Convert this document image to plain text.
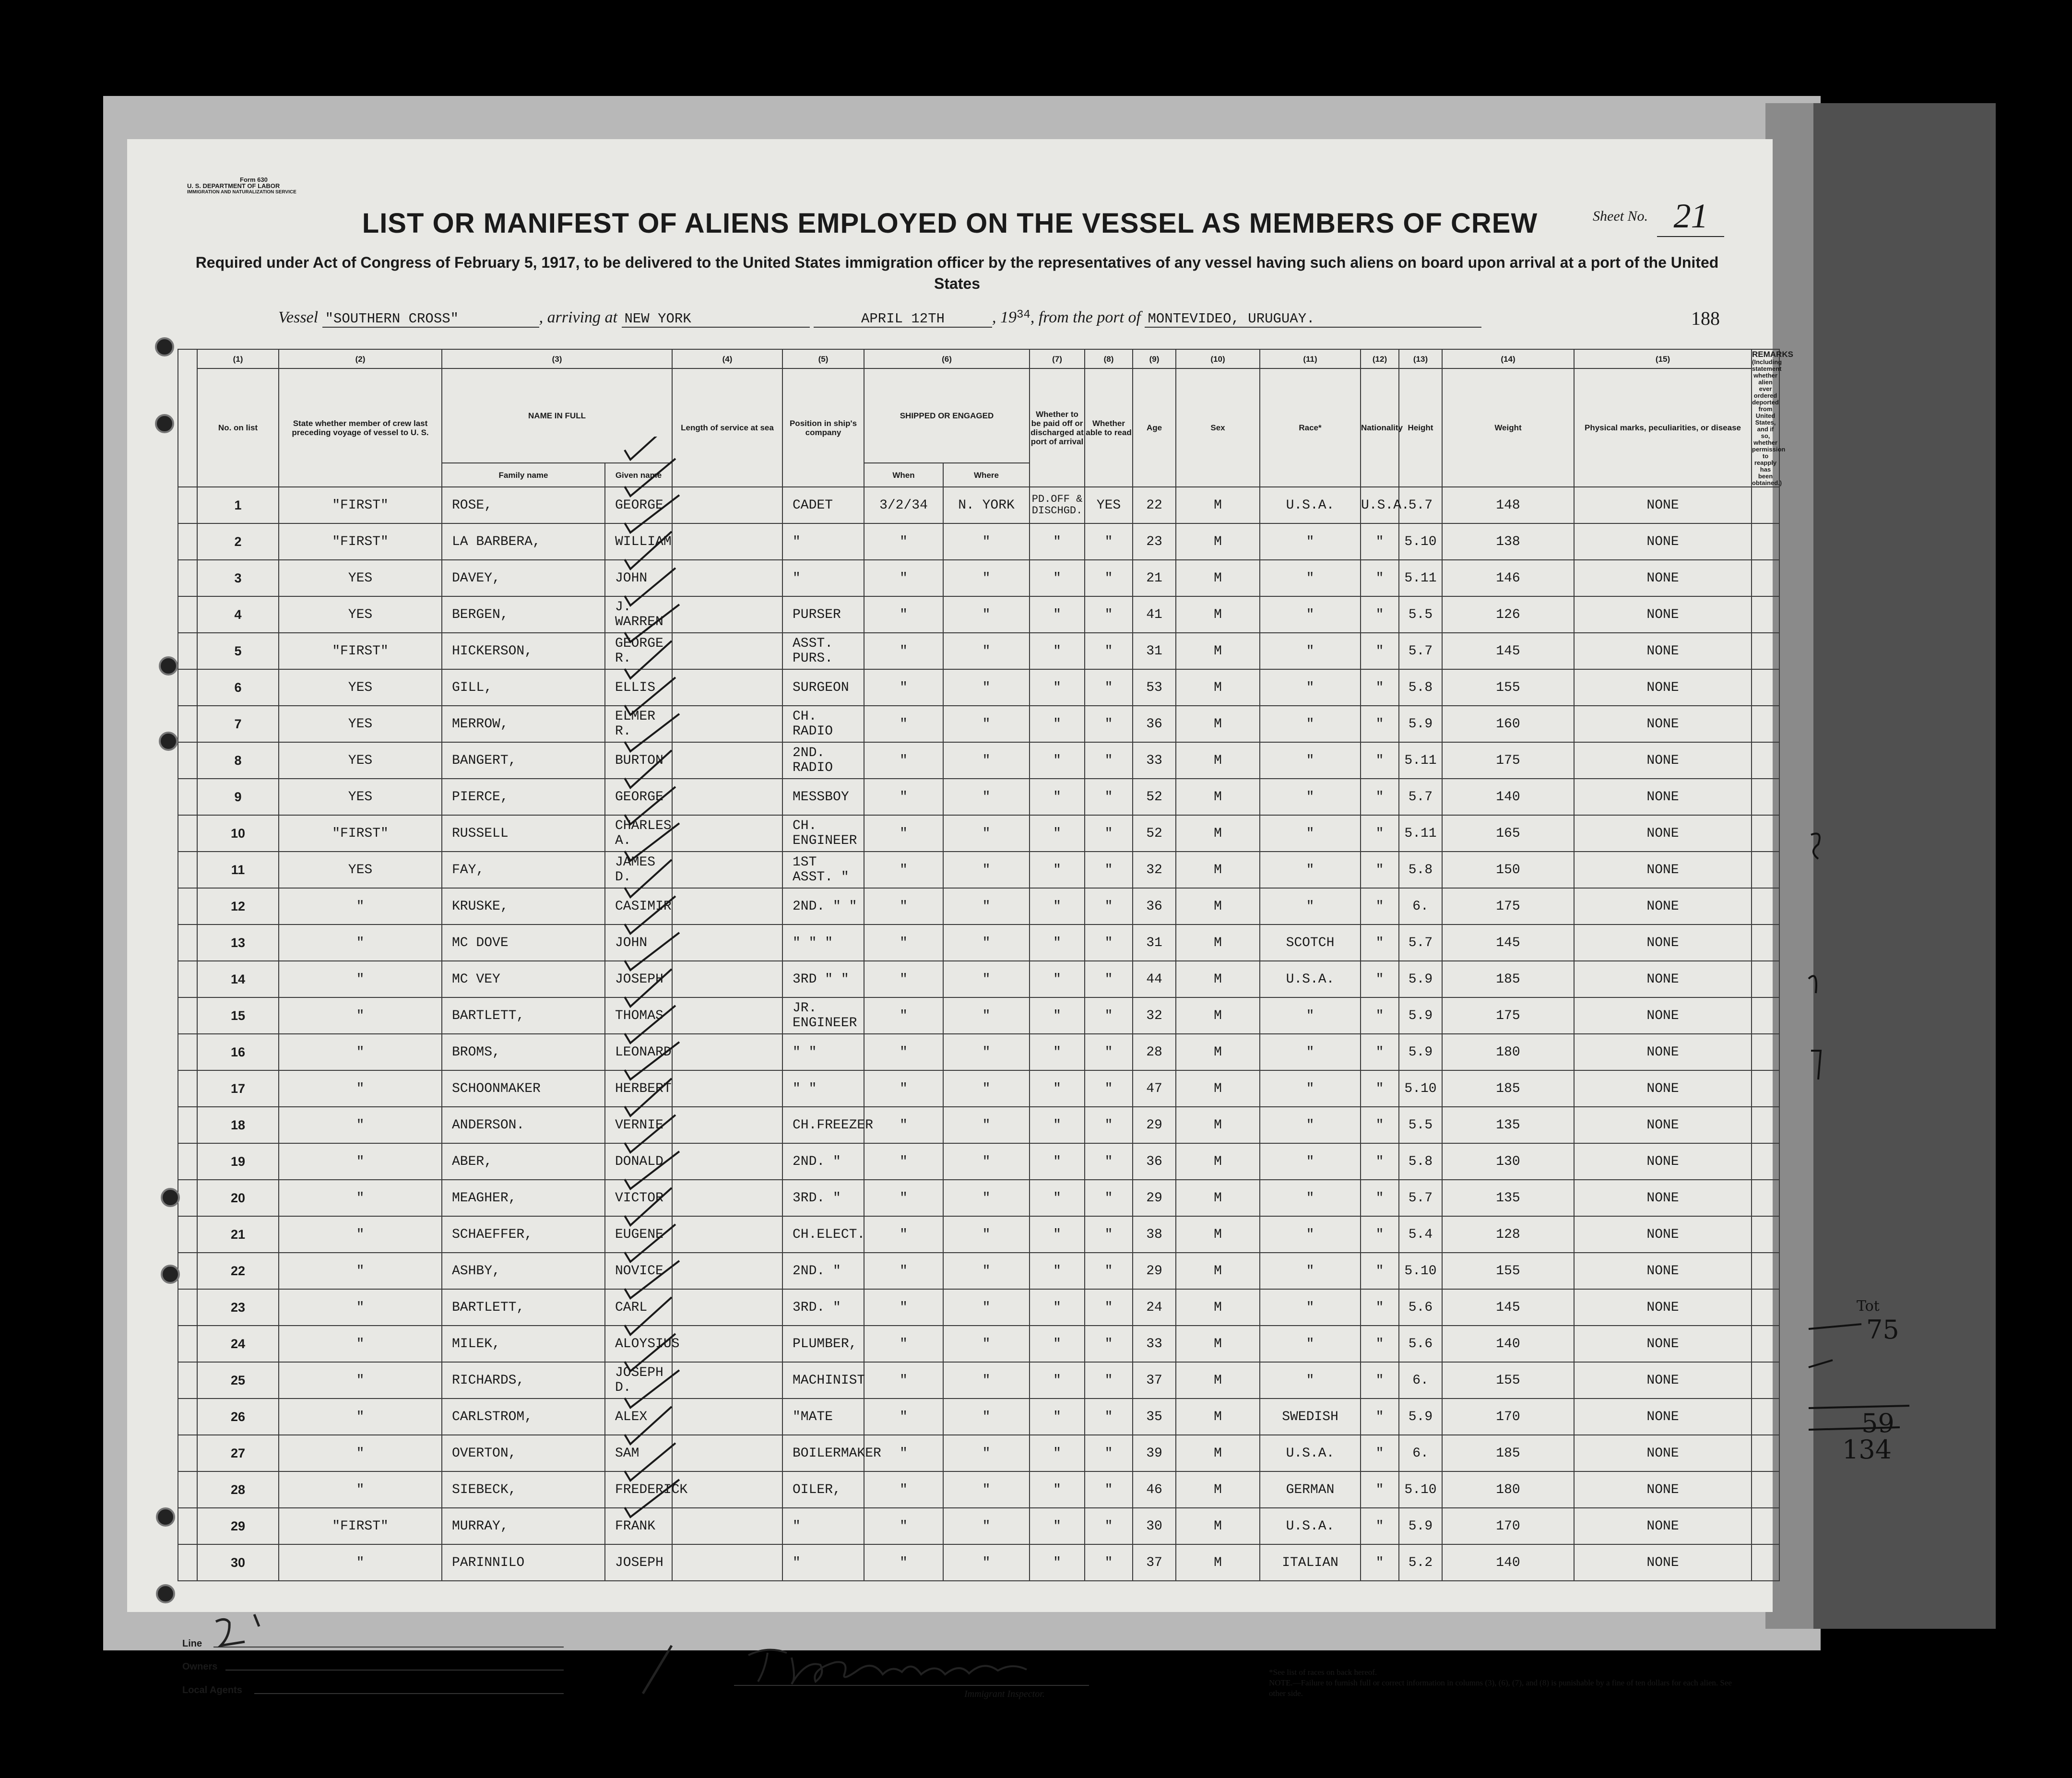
Form 630
U. S. DEPARTMENT OF LABOR
IMMIGRATION AND NATURALIZATION SERVICE
LIST OR MANIFEST OF ALIENS EMPLOYED ON THE VESSEL AS MEMBERS OF CREW	Sheet No. 21
Required under Act of Congress of February 5, 1917, to be delivered to the United States immigration officer by the representatives of any vessel having such aliens on board upon arrival at a port of the United States
Vessel "SOUTHERN CROSS"	, arriving at NEW YORK	APRIL 12TH	, $19^{34}$, from the port of MONTEVIDEO, URUGUAY.	188
	(1)	(2)	(3)		(4)	(5)	(6)		(7)	(8)	(9)	(10)	(11)	(12)	(13)	(14)	(15)	REMARKS
(Including statement whether alien ever ordered deported from United States, and if so, whether permission to reapply has been obtained.)

	No. on list	State whether member of crew last preceding voyage of vessel to U. S.	NAME IN FULL		Length of service at sea	Position in ship's company	SHIPPED OR ENGAGED		Whether to be paid off or discharged at port of arrival	Whether able to read	Age	Sex	Race*	Nationality	Height	Weight	Physical marks, peculiarities, or disease	
			Family name	Given name			When	Where										
	1	"FIRST"	ROSE,	GEORGE		CADET	3/2/34	N. YORK	PD.OFF & DISCHGD.	YES	22	M	U.S.A.	U.S.A.	5.7	148	NONE	
	2	"FIRST"	LA BARBERA,	WILLIAM		"	"	"	"	"	23	M	"	"	5.10	138	NONE	
	3	YES	DAVEY,	JOHN		"	"	"	"	"	21	M	"	"	5.11	146	NONE	
	4	YES	BERGEN,	J. WARREN		PURSER	"	"	"	"	41	M	"	"	5.5	126	NONE	
	5	"FIRST"	HICKERSON,	GEORGE R.		ASST. PURS.	"	"	"	"	31	M	"	"	5.7	145	NONE	
	6	YES	GILL,	ELLIS		SURGEON	"	"	"	"	53	M	"	"	5.8	155	NONE	
	7	YES	MERROW,	ELMER R.		CH. RADIO	"	"	"	"	36	M	"	"	5.9	160	NONE	
	8	YES	BANGERT,	BURTON		2ND. RADIO	"	"	"	"	33	M	"	"	5.11	175	NONE	
	9	YES	PIERCE,	GEORGE		MESSBOY	"	"	"	"	52	M	"	"	5.7	140	NONE	
	10	"FIRST"	RUSSELL	CHARLES A.		CH. ENGINEER	"	"	"	"	52	M	"	"	5.11	165	NONE	
	11	YES	FAY,	JAMES D.		1ST ASST. "	"	"	"	"	32	M	"	"	5.8	150	NONE	
	12	"	KRUSKE,	CASIMIR		2ND. " "	"	"	"	"	36	M	"	"	6.	175	NONE	
	13	"	MC DOVE	JOHN		" " "	"	"	"	"	31	M	SCOTCH	"	5.7	145	NONE	
	14	"	MC VEY	JOSEPH		3RD " "	"	"	"	"	44	M	U.S.A.	"	5.9	185	NONE	
	15	"	BARTLETT,	THOMAS		JR. ENGINEER	"	"	"	"	32	M	"	"	5.9	175	NONE	
	16	"	BROMS,	LEONARD		" "	"	"	"	"	28	M	"	"	5.9	180	NONE	
	17	"	SCHOONMAKER	HERBERT		" "	"	"	"	"	47	M	"	"	5.10	185	NONE	
	18	"	ANDERSON.	VERNIE		CH.FREEZER	"	"	"	"	29	M	"	"	5.5	135	NONE	
	19	"	ABER,	DONALD		2ND. "	"	"	"	"	36	M	"	"	5.8	130	NONE	
	20	"	MEAGHER,	VICTOR		3RD. "	"	"	"	"	29	M	"	"	5.7	135	NONE	
	21	"	SCHAEFFER,	EUGENE		CH.ELECT.	"	"	"	"	38	M	"	"	5.4	128	NONE	
	22	"	ASHBY,	NOVICE		2ND. "	"	"	"	"	29	M	"	"	5.10	155	NONE	
	23	"	BARTLETT,	CARL		3RD. "	"	"	"	"	24	M	"	"	5.6	145	NONE	
	24	"	MILEK,	ALOYSIUS		PLUMBER,	"	"	"	"	33	M	"	"	5.6	140	NONE	
	25	"	RICHARDS,	JOSEPH D.		MACHINIST	"	"	"	"	37	M	"	"	6.	155	NONE	
	26	"	CARLSTROM,	ALEX		"MATE	"	"	"	"	35	M	SWEDISH	"	5.9	170	NONE	
	27	"	OVERTON,	SAM		BOILERMAKER	"	"	"	"	39	M	U.S.A.	"	6.	185	NONE	
	28	"	SIEBECK,	FREDERICK		OILER,	"	"	"	"	46	M	GERMAN	"	5.10	180	NONE	
	29	"FIRST"	MURRAY,	FRANK		"	"	"	"	"	30	M	U.S.A.	"	5.9	170	NONE	
	30	"	PARINNILO	JOSEPH		"	"	"	"	"	37	M	ITALIAN	"	5.2	140	NONE	
Line
Owners
Local Agents	Immigrant Inspector.
*See list of races on back hereof.
NOTE.—Failure to furnish full or correct information in columns (3), (6), (7), and (8) is punishable by a fine of ten dollars for each alien. See other side.
Tot
75
59
134
